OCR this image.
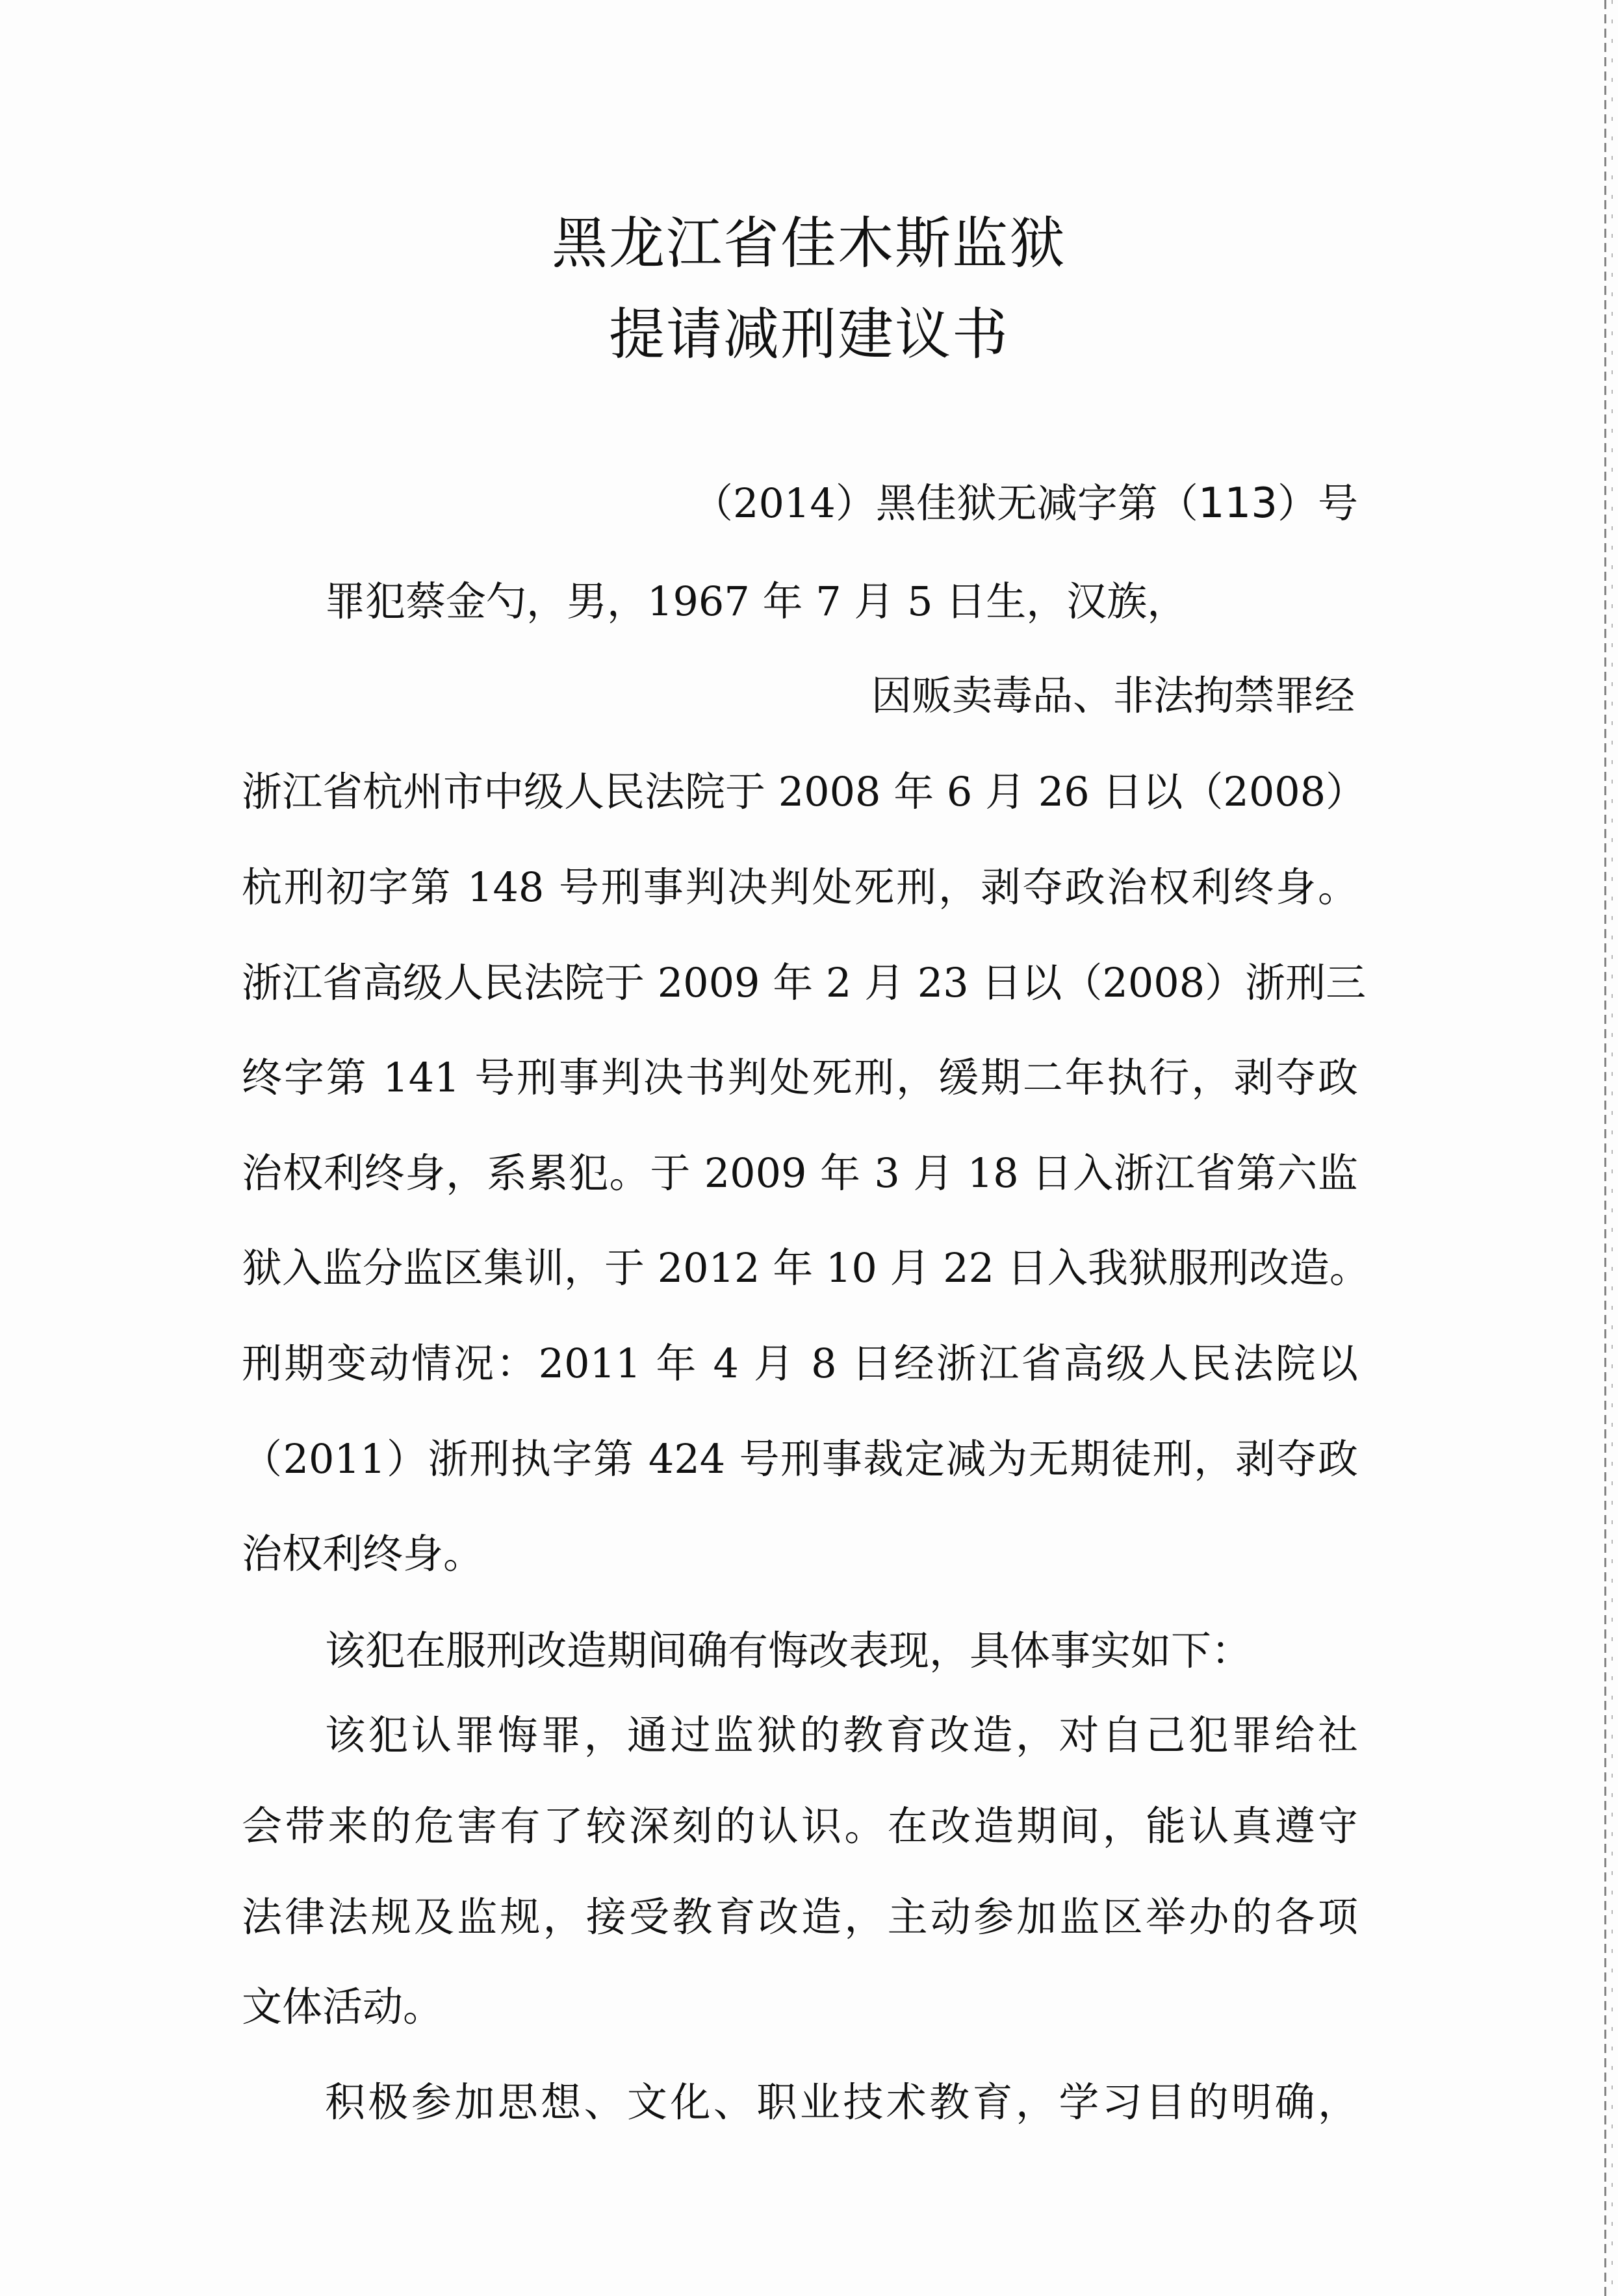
黑龙江省佳木斯监狱
提请减刑建议书
（2014）黑佳狱无减字第（113）号
罪犯蔡金勺，男，1967 年 7 月 5 日生，汉族，
因贩卖毒品、非法拘禁罪经
浙江省杭州市中级人民法院于 2008 年 6 月 26 日以（2008）
杭刑初字第 148 号刑事判决判处死刑，剥夺政治权利终身。
浙江省高级人民法院于 2009 年 2 月 23 日以（2008）浙刑三
终字第 141 号刑事判决书判处死刑，缓期二年执行，剥夺政
治权利终身，系累犯。于 2009 年 3 月 18 日入浙江省第六监
狱入监分监区集训，于 2012 年 10 月 22 日入我狱服刑改造。
刑期变动情况：2011 年 4 月 8 日经浙江省高级人民法院以
（2011）浙刑执字第 424 号刑事裁定减为无期徒刑，剥夺政
治权利终身。
该犯在服刑改造期间确有悔改表现，具体事实如下：
该犯认罪悔罪，通过监狱的教育改造，对自己犯罪给社
会带来的危害有了较深刻的认识。在改造期间，能认真遵守
法律法规及监规，接受教育改造，主动参加监区举办的各项
文体活动。
积极参加思想、文化、职业技术教育，学习目的明确，
